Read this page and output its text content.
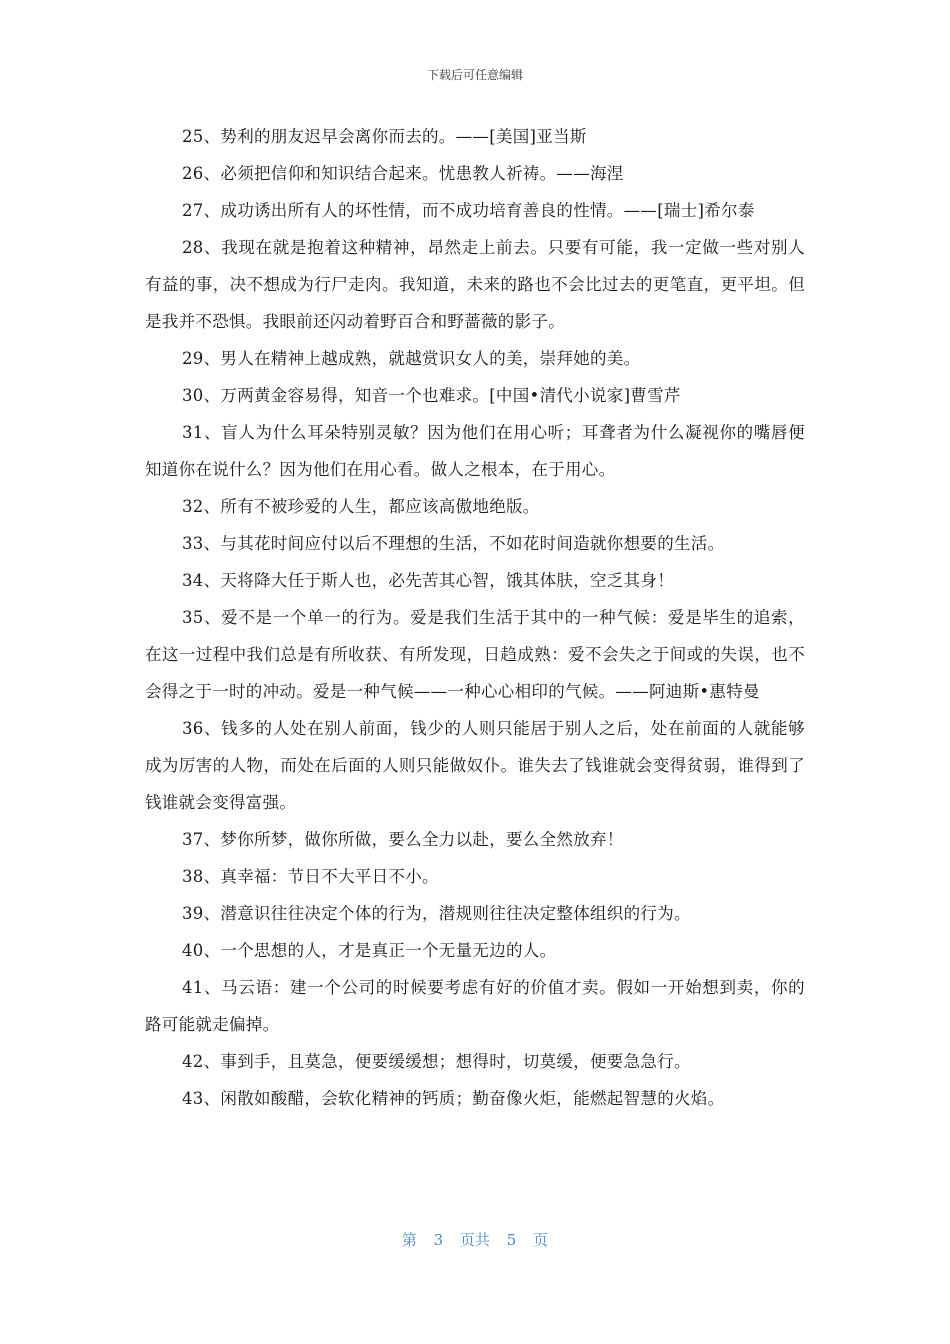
下载后可任意编辑

25、势利的朋友迟早会离你而去的。——[美国]亚当斯

26、必须把信仰和知识结合起来。忧患教人祈祷。——海涅

27、成功诱出所有人的坏性情，而不成功培育善良的性情。——[瑞士]希尔泰

28、我现在就是抱着这种精神，昂然走上前去。只要有可能，我一定做一些对别人有益的事，决不想成为行尸走肉。我知道，未来的路也不会比过去的更笔直，更平坦。但是我并不恐惧。我眼前还闪动着野百合和野蔷薇的影子。

29、男人在精神上越成熟，就越赏识女人的美，崇拜她的美。

30、万两黄金容易得，知音一个也难求。[中国•清代小说家]曹雪芹

31、盲人为什么耳朵特别灵敏？因为他们在用心听；耳聋者为什么凝视你的嘴唇便知道你在说什么？因为他们在用心看。做人之根本，在于用心。

32、所有不被珍爱的人生，都应该高傲地绝版。

33、与其花时间应付以后不理想的生活，不如花时间造就你想要的生活。

34、天将降大任于斯人也，必先苦其心智，饿其体肤，空乏其身！

35、爱不是一个单一的行为。爱是我们生活于其中的一种气候：爱是毕生的追索，在这一过程中我们总是有所收获、有所发现，日趋成熟：爱不会失之于间或的失误，也不会得之于一时的冲动。爱是一种气候——一种心心相印的气候。——阿迪斯•惠特曼

36、钱多的人处在别人前面，钱少的人则只能居于别人之后，处在前面的人就能够成为厉害的人物，而处在后面的人则只能做奴仆。谁失去了钱谁就会变得贫弱，谁得到了钱谁就会变得富强。

37、梦你所梦，做你所做，要么全力以赴，要么全然放弃！

38、真幸福：节日不大平日不小。

39、潜意识往往决定个体的行为，潜规则往往决定整体组织的行为。

40、一个思想的人，才是真正一个无量无边的人。

41、马云语：建一个公司的时候要考虑有好的价值才卖。假如一开始想到卖，你的路可能就走偏掉。

42、事到手，且莫急，便要缓缓想；想得时，切莫缓，便要急急行。

43、闲散如酸醋，会软化精神的钙质；勤奋像火炬，能燃起智慧的火焰。

第 3 页共 5 页
